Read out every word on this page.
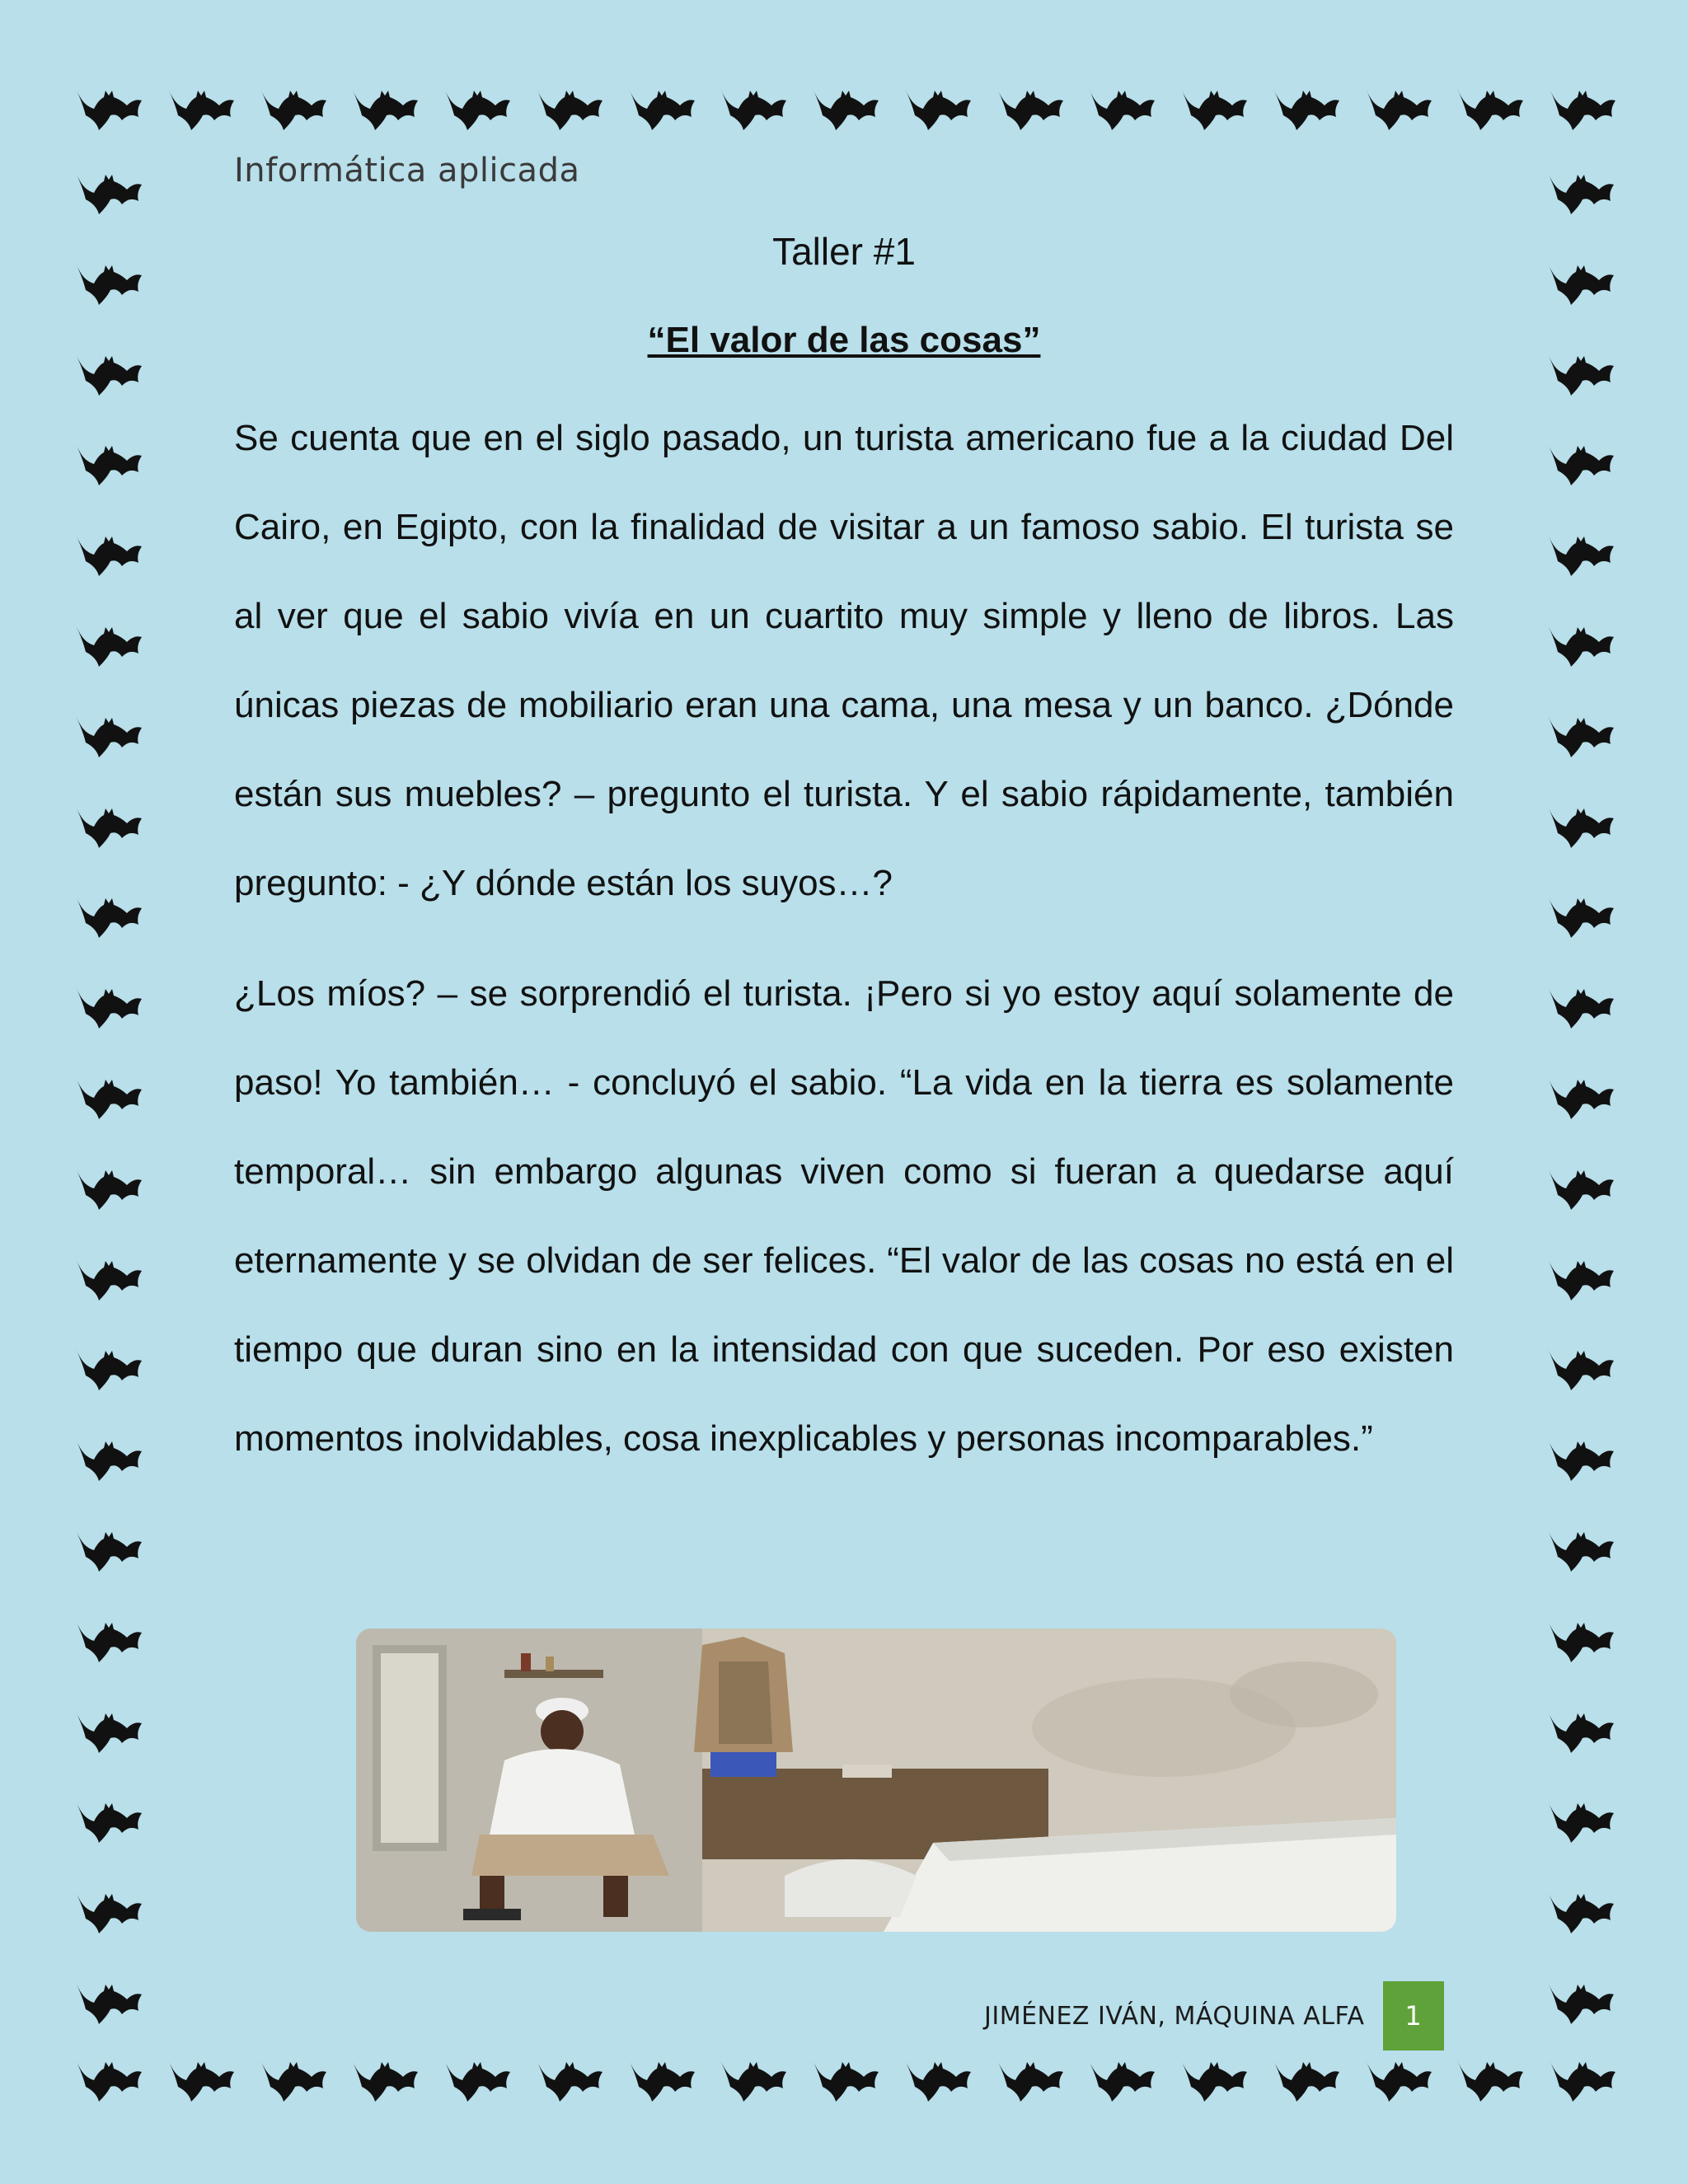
Informática aplicada
Taller #1
“El valor de las cosas”

Se cuenta que en el siglo pasado, un turista americano fue a la ciudad Del Cairo, en Egipto, con la finalidad de visitar a un famoso sabio. El turista se al ver que el sabio vivía en un cuartito muy simple y lleno de libros. Las únicas piezas de mobiliario eran una cama, una mesa y un banco. ¿Dónde están sus muebles? – pregunto el turista. Y el sabio rápidamente, también pregunto: - ¿Y dónde están los suyos…?

¿Los míos? – se sorprendió el turista. ¡Pero si yo estoy aquí solamente de paso! Yo también… - concluyó el sabio. “La vida en la tierra es solamente temporal… sin embargo algunas viven como si fueran a quedarse aquí eternamente y se olvidan de ser felices. “El valor de las cosas no está en el tiempo que duran sino en la intensidad con que suceden. Por eso existen momentos inolvidables, cosa inexplicables y personas incomparables.”

JIMÉNEZ IVÁN, MÁQUINA ALFA	1
